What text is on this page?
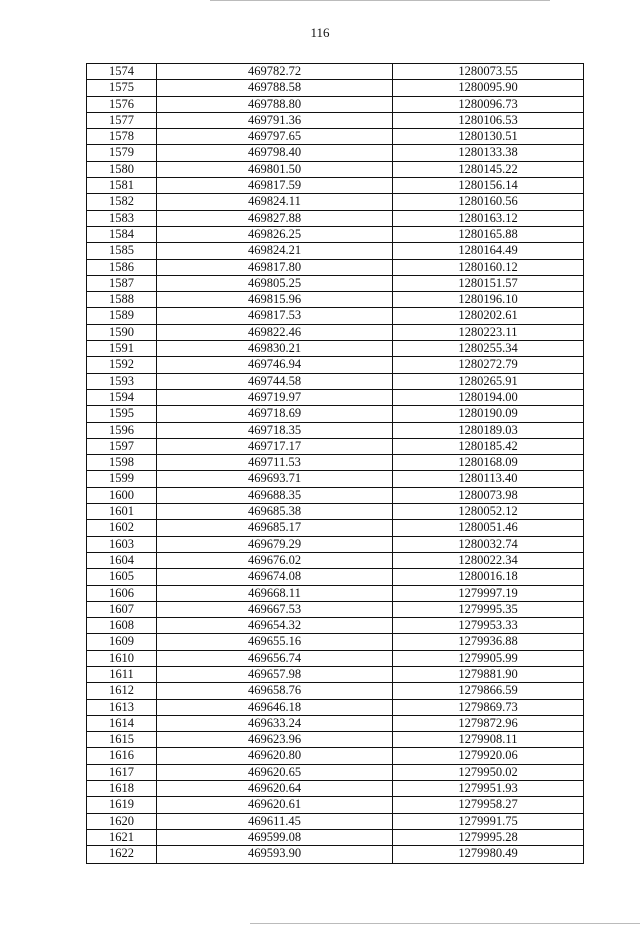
116
1574	469782.72	1280073.55
1575	469788.58	1280095.90
1576	469788.80	1280096.73
1577	469791.36	1280106.53
1578	469797.65	1280130.51
1579	469798.40	1280133.38
1580	469801.50	1280145.22
1581	469817.59	1280156.14
1582	469824.11	1280160.56
1583	469827.88	1280163.12
1584	469826.25	1280165.88
1585	469824.21	1280164.49
1586	469817.80	1280160.12
1587	469805.25	1280151.57
1588	469815.96	1280196.10
1589	469817.53	1280202.61
1590	469822.46	1280223.11
1591	469830.21	1280255.34
1592	469746.94	1280272.79
1593	469744.58	1280265.91
1594	469719.97	1280194.00
1595	469718.69	1280190.09
1596	469718.35	1280189.03
1597	469717.17	1280185.42
1598	469711.53	1280168.09
1599	469693.71	1280113.40
1600	469688.35	1280073.98
1601	469685.38	1280052.12
1602	469685.17	1280051.46
1603	469679.29	1280032.74
1604	469676.02	1280022.34
1605	469674.08	1280016.18
1606	469668.11	1279997.19
1607	469667.53	1279995.35
1608	469654.32	1279953.33
1609	469655.16	1279936.88
1610	469656.74	1279905.99
1611	469657.98	1279881.90
1612	469658.76	1279866.59
1613	469646.18	1279869.73
1614	469633.24	1279872.96
1615	469623.96	1279908.11
1616	469620.80	1279920.06
1617	469620.65	1279950.02
1618	469620.64	1279951.93
1619	469620.61	1279958.27
1620	469611.45	1279991.75
1621	469599.08	1279995.28
1622	469593.90	1279980.49
